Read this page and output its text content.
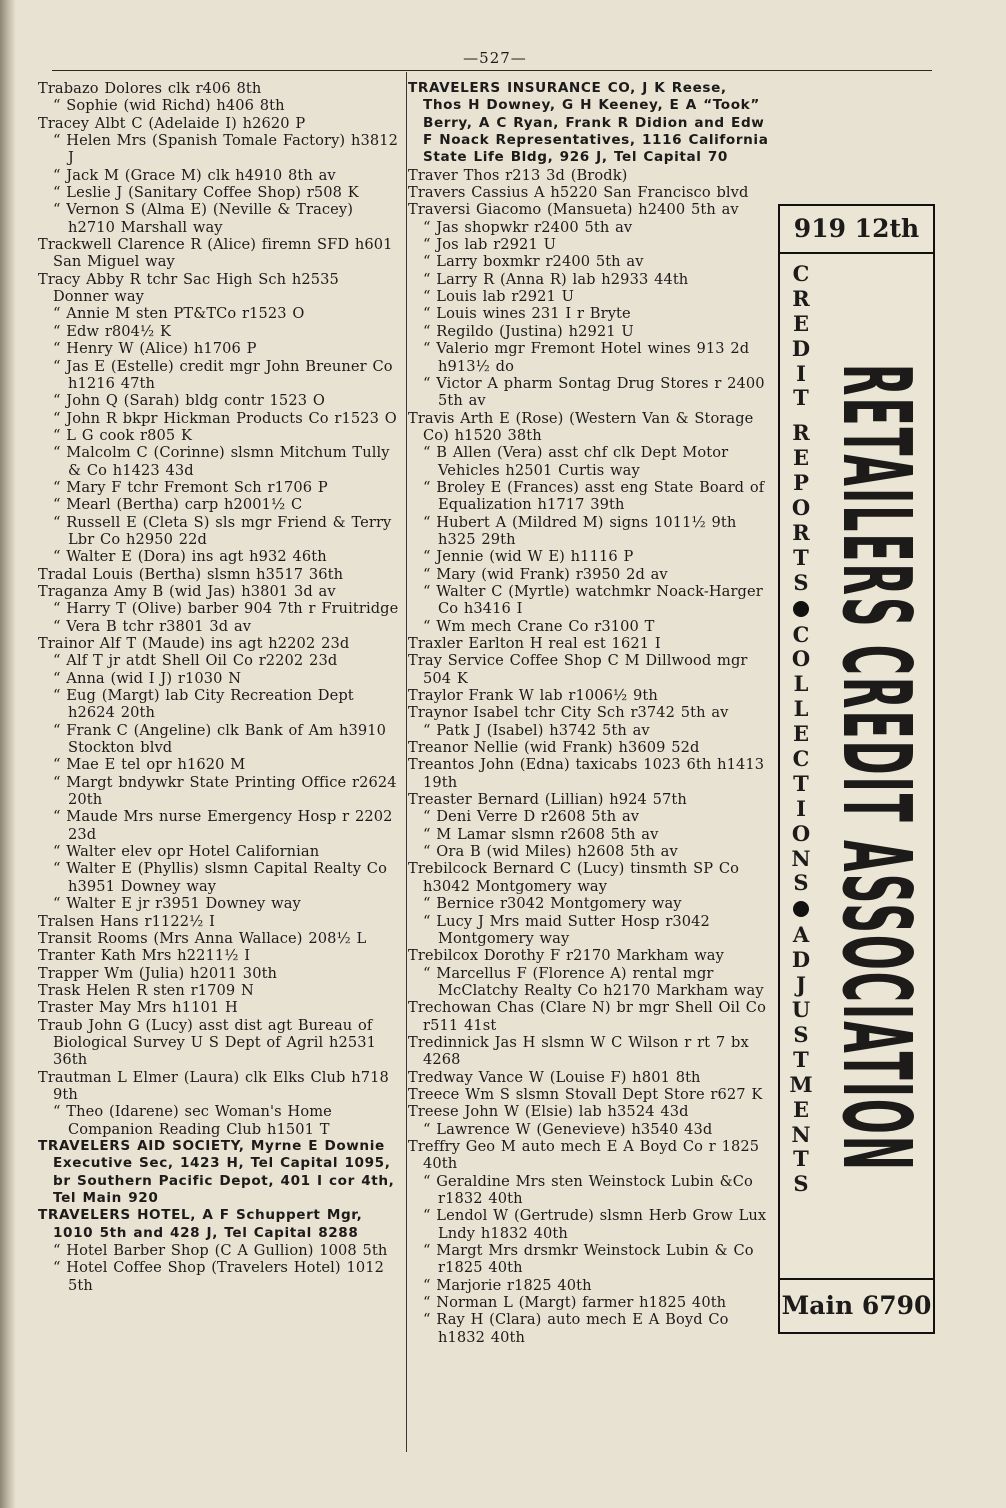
—527—
Trabazo Dolores clk r406 8th
“ Sophie (wid Richd) h406 8th
Tracey Albt C (Adelaide I) h2620 P
“ Helen Mrs (Spanish Tomale Factory) h3812 J
“ Jack M (Grace M) clk h4910 8th av
“ Leslie J (Sanitary Coffee Shop) r508 K
“ Vernon S (Alma E) (Neville & Tracey) h2710 Marshall way
Trackwell Clarence R (Alice) firemn SFD h601 San Miguel way
Tracy Abby R tchr Sac High Sch h2535 Donner way
“ Annie M sten PT&TCo r1523 O
“ Edw r804½ K
“ Henry W (Alice) h1706 P
“ Jas E (Estelle) credit mgr John Breuner Co h1216 47th
“ John Q (Sarah) bldg contr 1523 O
“ John R bkpr Hickman Products Co r1523 O
“ L G cook r805 K
“ Malcolm C (Corinne) slsmn Mitchum Tully & Co h1423 43d
“ Mary F tchr Fremont Sch r1706 P
“ Mearl (Bertha) carp h2001½ C
“ Russell E (Cleta S) sls mgr Friend & Terry Lbr Co h2950 22d
“ Walter E (Dora) ins agt h932 46th
Tradal Louis (Bertha) slsmn h3517 36th
Traganza Amy B (wid Jas) h3801 3d av
“ Harry T (Olive) barber 904 7th r Fruitridge
“ Vera B tchr r3801 3d av
Trainor Alf T (Maude) ins agt h2202 23d
“ Alf T jr atdt Shell Oil Co r2202 23d
“ Anna (wid I J) r1030 N
“ Eug (Margt) lab City Recreation Dept h2624 20th
“ Frank C (Angeline) clk Bank of Am h3910 Stockton blvd
“ Mae E tel opr h1620 M
“ Margt bndywkr State Printing Office r2624 20th
“ Maude Mrs nurse Emergency Hosp r 2202 23d
“ Walter elev opr Hotel Californian
“ Walter E (Phyllis) slsmn Capital Realty Co h3951 Downey way
“ Walter E jr r3951 Downey way
Tralsen Hans r1122½ I
Transit Rooms (Mrs Anna Wallace) 208½ L
Tranter Kath Mrs h2211½ I
Trapper Wm (Julia) h2011 30th
Trask Helen R sten r1709 N
Traster May Mrs h1101 H
Traub John G (Lucy) asst dist agt Bureau of Biological Survey U S Dept of Agril h2531 36th
Trautman L Elmer (Laura) clk Elks Club h718 9th
“ Theo (Idarene) sec Woman's Home Companion Reading Club h1501 T
TRAVELERS AID SOCIETY, Myrne E Downie Executive Sec, 1423 H, Tel Capital 1095, br Southern Pacific Depot, 401 I cor 4th, Tel Main 920
TRAVELERS HOTEL, A F Schuppert Mgr, 1010 5th and 428 J, Tel Capital 8288
“ Hotel Barber Shop (C A Gullion) 1008 5th
“ Hotel Coffee Shop (Travelers Hotel) 1012 5th
TRAVELERS INSURANCE CO, J K Reese, Thos H Downey, G H Keeney, E A “Took” Berry, A C Ryan, Frank R Didion and Edw F Noack Representatives, 1116 California State Life Bldg, 926 J, Tel Capital 70
Traver Thos r213 3d (Brodk)
Travers Cassius A h5220 San Francisco blvd
Traversi Giacomo (Mansueta) h2400 5th av
“ Jas shopwkr r2400 5th av
“ Jos lab r2921 U
“ Larry boxmkr r2400 5th av
“ Larry R (Anna R) lab h2933 44th
“ Louis lab r2921 U
“ Louis wines 231 I r Bryte
“ Regildo (Justina) h2921 U
“ Valerio mgr Fremont Hotel wines 913 2d h913½ do
“ Victor A pharm Sontag Drug Stores r 2400 5th av
Travis Arth E (Rose) (Western Van & Storage Co) h1520 38th
“ B Allen (Vera) asst chf clk Dept Motor Vehicles h2501 Curtis way
“ Broley E (Frances) asst eng State Board of Equalization h1717 39th
“ Hubert A (Mildred M) signs 1011½ 9th h325 29th
“ Jennie (wid W E) h1116 P
“ Mary (wid Frank) r3950 2d av
“ Walter C (Myrtle) watchmkr Noack-Harger Co h3416 I
“ Wm mech Crane Co r3100 T
Traxler Earlton H real est 1621 I
Tray Service Coffee Shop C M Dillwood mgr 504 K
Traylor Frank W lab r1006½ 9th
Traynor Isabel tchr City Sch r3742 5th av
“ Patk J (Isabel) h3742 5th av
Treanor Nellie (wid Frank) h3609 52d
Treantos John (Edna) taxicabs 1023 6th h1413 19th
Treaster Bernard (Lillian) h924 57th
“ Deni Verre D r2608 5th av
“ M Lamar slsmn r2608 5th av
“ Ora B (wid Miles) h2608 5th av
Trebilcock Bernard C (Lucy) tinsmth SP Co h3042 Montgomery way
“ Bernice r3042 Montgomery way
“ Lucy J Mrs maid Sutter Hosp r3042 Montgomery way
Trebilcox Dorothy F r2170 Markham way
“ Marcellus F (Florence A) rental mgr McClatchy Realty Co h2170 Markham way
Trechowan Chas (Clare N) br mgr Shell Oil Co r511 41st
Tredinnick Jas H slsmn W C Wilson r rt 7 bx 4268
Tredway Vance W (Louise F) h801 8th
Treece Wm S slsmn Stovall Dept Store r627 K
Treese John W (Elsie) lab h3524 43d
“ Lawrence W (Genevieve) h3540 43d
Treffry Geo M auto mech E A Boyd Co r 1825 40th
“ Geraldine Mrs sten Weinstock Lubin &Co r1832 40th
“ Lendol W (Gertrude) slsmn Herb Grow Lux Lndy h1832 40th
“ Margt Mrs drsmkr Weinstock Lubin & Co r1825 40th
“ Marjorie r1825 40th
“ Norman L (Margt) farmer h1825 40th
“ Ray H (Clara) auto mech E A Boyd Co h1832 40th
919 12th
C
R
E
D
I
T
R
E
P
O
R
T
S
C
O
L
L
E
C
T
I
O
N
S
A
D
J
U
S
T
M
E
N
T
S
RETAILERS CREDIT ASSOCIATION
Main 6790
